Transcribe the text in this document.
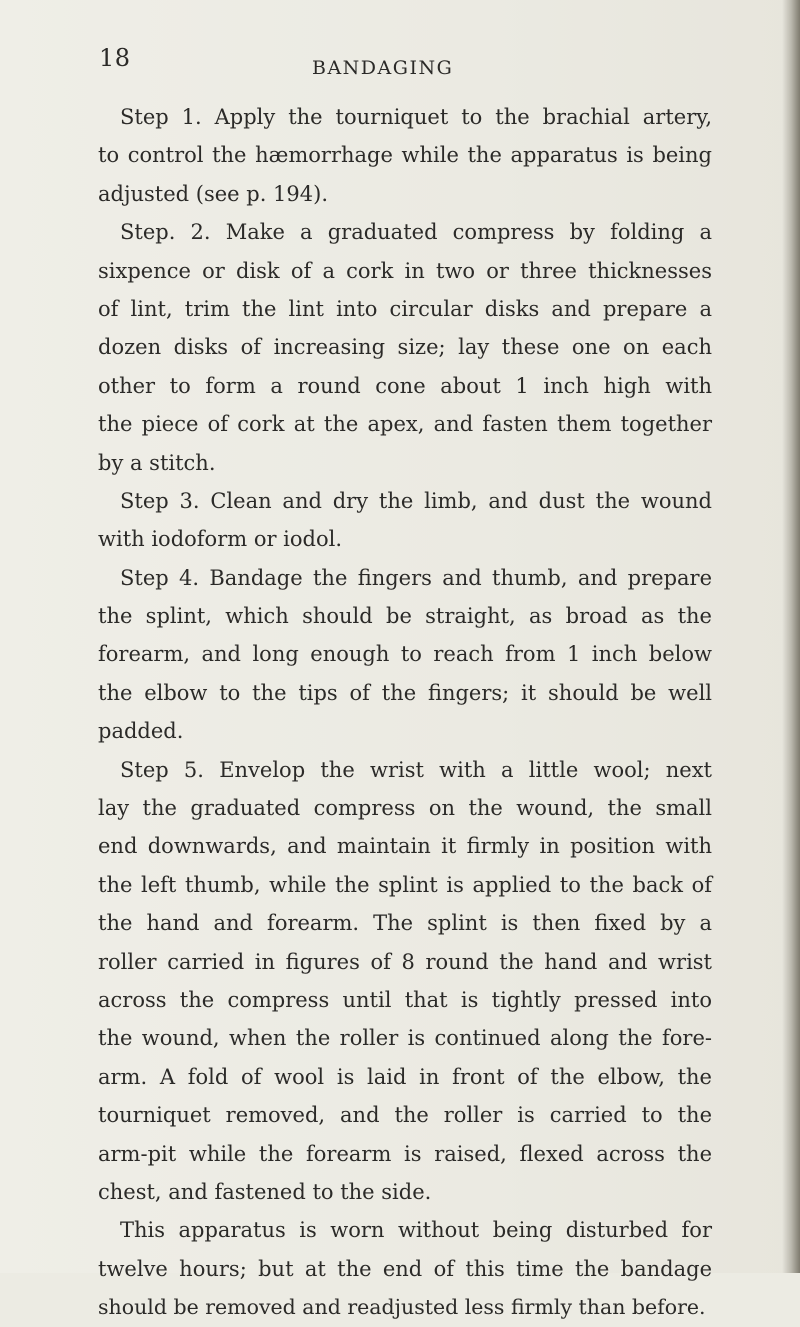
18	BANDAGING
Step 1. Apply the tourniquet to the brachial artery,
to control the hæmorrhage while the apparatus is being
adjusted (see p. 194).
Step. 2. Make a graduated compress by folding a
sixpence or disk of a cork in two or three thicknesses
of lint, trim the lint into circular disks and prepare a
dozen disks of increasing size; lay these one on each
other to form a round cone about 1 inch high with
the piece of cork at the apex, and fasten them together
by a stitch.
Step 3. Clean and dry the limb, and dust the wound
with iodoform or iodol.
Step 4. Bandage the fingers and thumb, and prepare
the splint, which should be straight, as broad as the
forearm, and long enough to reach from 1 inch below
the elbow to the tips of the fingers; it should be well
padded.
Step 5. Envelop the wrist with a little wool; next
lay the graduated compress on the wound, the small
end downwards, and maintain it firmly in position with
the left thumb, while the splint is applied to the back of
the hand and forearm. The splint is then fixed by a
roller carried in figures of 8 round the hand and wrist
across the compress until that is tightly pressed into
the wound, when the roller is continued along the fore-
arm. A fold of wool is laid in front of the elbow, the
tourniquet removed, and the roller is carried to the
arm-pit while the forearm is raised, flexed across the
chest, and fastened to the side.
This apparatus is worn without being disturbed for
twelve hours; but at the end of this time the bandage
should be removed and readjusted less firmly than before.
